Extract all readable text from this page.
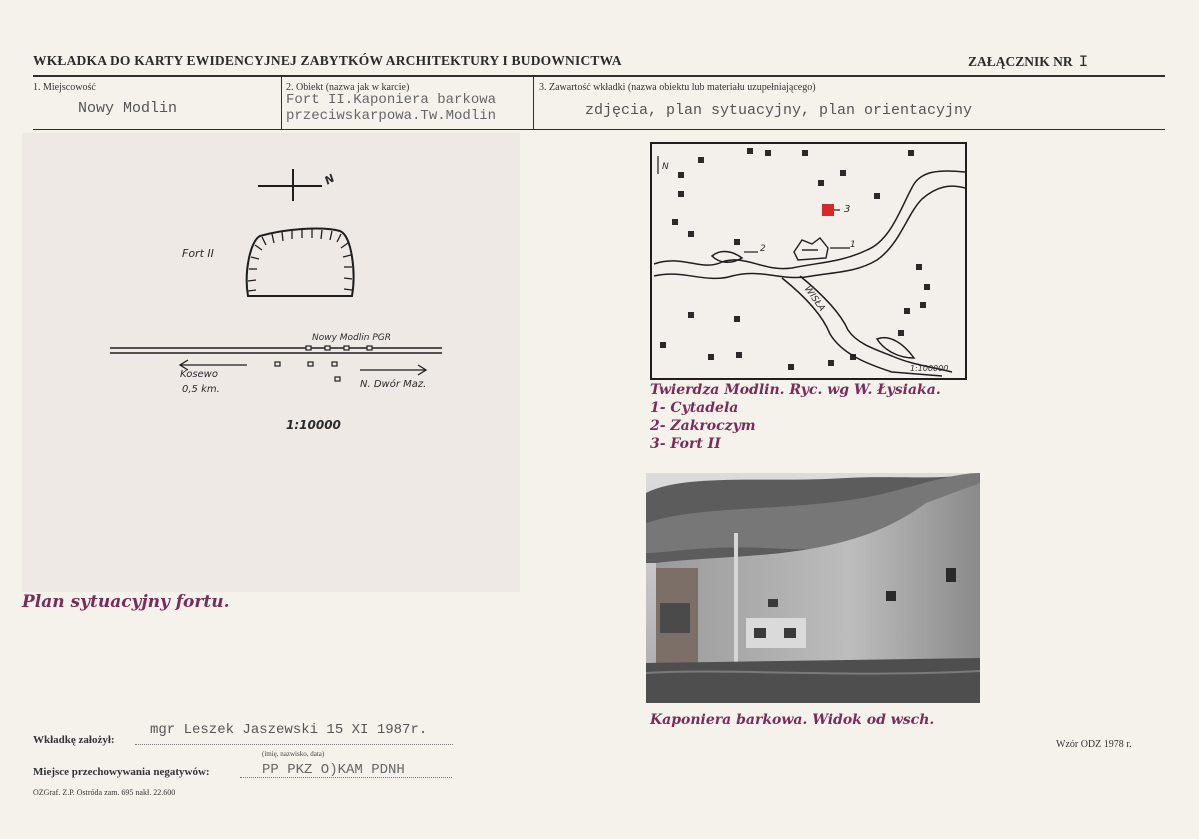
WKŁADKA DO KARTY EWIDENCYJNEJ ZABYTKÓW ARCHITEKTURY I BUDOWNICTWA	ZAŁĄCZNIK NR I
1. Miejscowość
Nowy Modlin
2. Obiekt (nazwa jak w karcie)
Fort II.Kaponiera barkowa
przeciwskarpowa.Tw.Modlin
3. Zawartość wkładki (nazwa obiektu lub materiału uzupełniającego)
zdjęcia, plan sytuacyjny, plan orientacyjny
N
Fort II
Nowy Modlin PGR
Kosewo
0,5 km.	N. Dwór Maz.
1:10000
Plan sytuacyjny fortu.
N
1
2
3
WISŁA
1:100000
Twierdza Modlin. Ryc. wg W. Łysiaka.
1- Cytadela
2- Zakroczym
3- Fort II
Kaponiera barkowa. Widok od wsch.
Wkładkę założył:
mgr Leszek Jaszewski 15 XI 1987r.
(imię, nazwisko, data)
Miejsce przechowywania negatywów:	PP PKZ O)KAM PDNH
OZGraf. Z.P. Ostróda zam. 695 nakł. 22.600
Wzór ODZ 1978 r.
